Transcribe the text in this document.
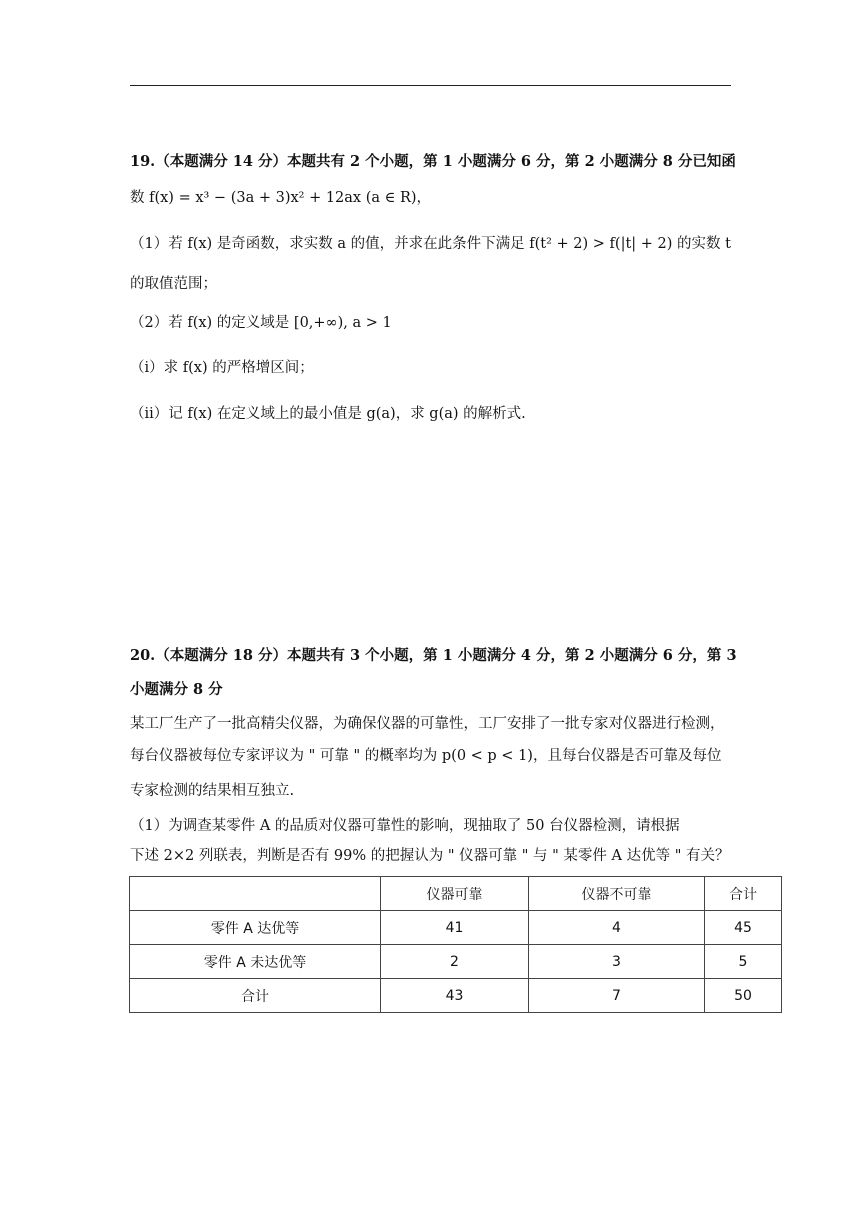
19.（本题满分 14 分）本题共有 2 个小题，第 1 小题满分 6 分，第 2 小题满分 8 分已知函
数 f(x) = x³ − (3a + 3)x² + 12ax (a ∈ R)，
（1）若 f(x) 是奇函数，求实数 a 的值，并求在此条件下满足 f(t² + 2) > f(|t| + 2) 的实数 t
的取值范围；
（2）若 f(x) 的定义域是 [0,+∞), a > 1
（i）求 f(x) 的严格增区间；
（ii）记 f(x) 在定义域上的最小值是 g(a)，求 g(a) 的解析式.
20.（本题满分 18 分）本题共有 3 个小题，第 1 小题满分 4 分，第 2 小题满分 6 分，第 3
小题满分 8 分
某工厂生产了一批高精尖仪器，为确保仪器的可靠性，工厂安排了一批专家对仪器进行检测，
每台仪器被每位专家评议为 " 可靠 " 的概率均为 p(0 < p < 1)，且每台仪器是否可靠及每位
专家检测的结果相互独立.
（1）为调查某零件 A 的品质对仪器可靠性的影响，现抽取了 50 台仪器检测，请根据
下述 2×2 列联表，判断是否有 99% 的把握认为 " 仪器可靠 " 与 " 某零件 A 达优等 " 有关？
	仪器可靠	仪器不可靠	合计
零件 A 达优等	41	4	45
零件 A 未达优等	2	3	5
合计	43	7	50
